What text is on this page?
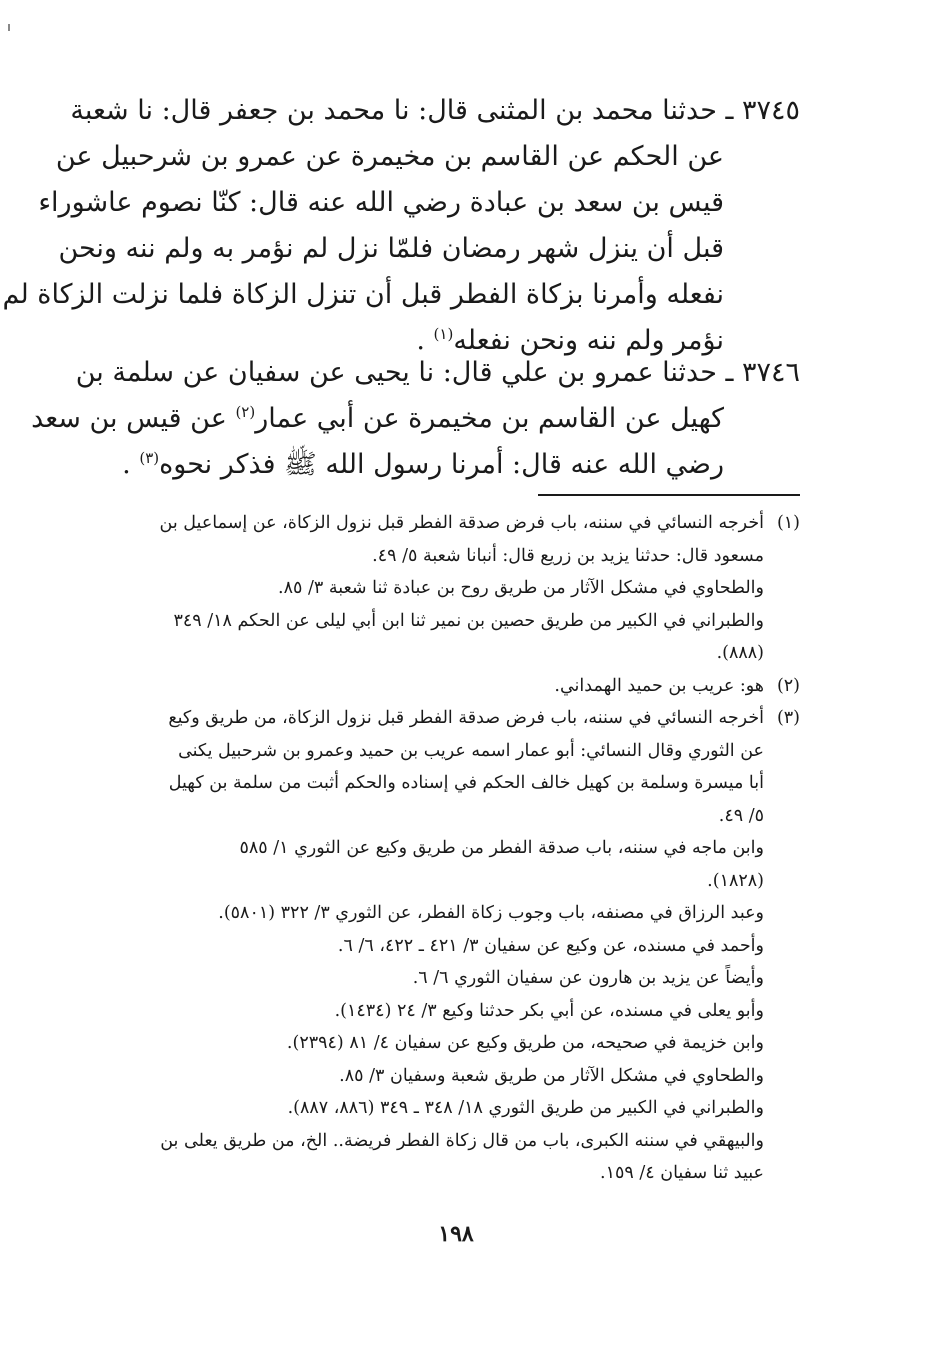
٣٧٤٥ ـ حدثنا محمد بن المثنى قال: نا محمد بن جعفر قال: نا شعبة
عن الحكم عن القاسم بن مخيمرة عن عمرو بن شرحبيل عن
قيس بن سعد بن عبادة رضي الله عنه قال: كنّا نصوم عاشوراء
قبل أن ينزل شهر رمضان فلمّا نزل لم نؤمر به ولم ننه ونحن
نفعله وأمرنا بزكاة الفطر قبل أن تنزل الزكاة فلما نزلت الزكاة لم
نؤمر ولم ننه ونحن نفعله$^{(١)}$ .
٣٧٤٦ ـ حدثنا عمرو بن علي قال: نا يحيى عن سفيان عن سلمة بن
كهيل عن القاسم بن مخيمرة عن أبي عمار$^{(٢)}$ عن قيس بن سعد
رضي الله عنه قال: أمرنا رسول الله ﷺ فذكر نحوه$^{(٣)}$ .
(١)
أخرجه النسائي في سننه، باب فرض صدقة الفطر قبل نزول الزكاة، عن إسماعيل بن
مسعود قال: حدثنا يزيد بن زريع قال: أنبانا شعبة ٥/ ٤٩.
والطحاوي في مشكل الآثار من طريق روح بن عبادة ثنا شعبة ٣/ ٨٥.
والطبراني في الكبير من طريق حصين بن نمير ثنا ابن أبي ليلى عن الحكم ١٨/ ٣٤٩
(٨٨٨).
(٢)
هو: عريب بن حميد الهمداني.
(٣)
أخرجه النسائي في سننه، باب فرض صدقة الفطر قبل نزول الزكاة، من طريق وكيع
عن الثوري وقال النسائي: أبو عمار اسمه عريب بن حميد وعمرو بن شرحبيل يكنى
أبا ميسرة وسلمة بن كهيل خالف الحكم في إسناده والحكم أثبت من سلمة بن كهيل
٥/ ٤٩.
وابن ماجه في سننه، باب صدقة الفطر من طريق وكيع عن الثوري ١/ ٥٨٥
(١٨٢٨).
وعبد الرزاق في مصنفه، باب وجوب زكاة الفطر، عن الثوري ٣/ ٣٢٢ (٥٨٠١).
وأحمد في مسنده، عن وكيع عن سفيان ٣/ ٤٢١ ـ ٤٢٢، ٦/ ٦.
وأيضاً عن يزيد بن هارون عن سفيان الثوري ٦/ ٦.
وأبو يعلى في مسنده، عن أبي بكر حدثنا وكيع ٣/ ٢٤ (١٤٣٤).
وابن خزيمة في صحيحه، من طريق وكيع عن سفيان ٤/ ٨١ (٢٣٩٤).
والطحاوي في مشكل الآثار من طريق شعبة وسفيان ٣/ ٨٥.
والطبراني في الكبير من طريق الثوري ١٨/ ٣٤٨ ـ ٣٤٩ (٨٨٦، ٨٨٧).
والبيهقي في سننه الكبرى، باب من قال زكاة الفطر فريضة.. الخ، من طريق يعلى بن
عبيد ثنا سفيان ٤/ ١٥٩.
١٩٨
